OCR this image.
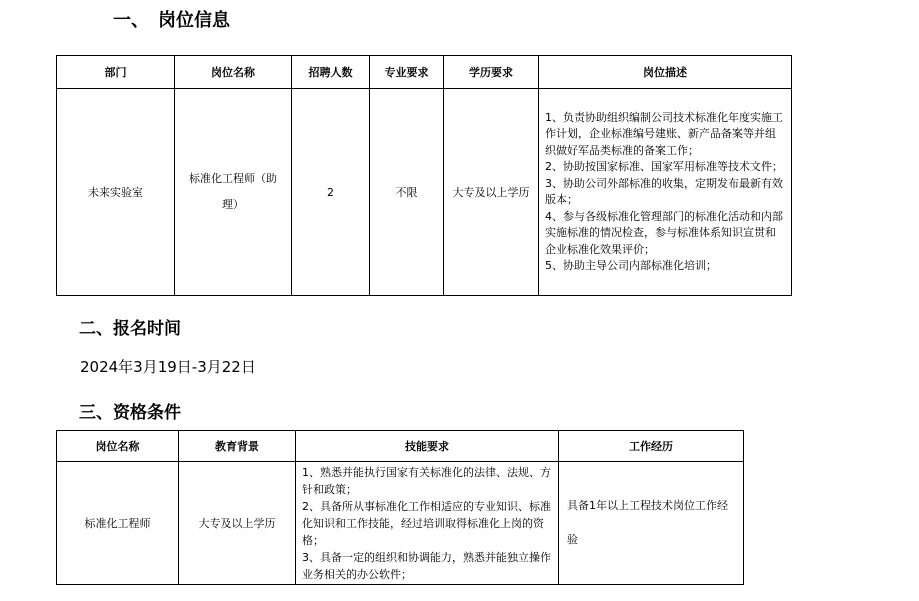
一、　岗位信息
部门	岗位名称	招聘人数	专业要求	学历要求	岗位描述
未来实验室	标准化工程师（助理）	2	不限	大专及以上学历	1、负责协助组织编制公司技术标准化年度实施工作计划，企业标准编号建账、新产品备案等并组织做好军品类标准的备案工作；
2、协助按国家标准、国家军用标准等技术文件；
3、协助公司外部标准的收集，定期发布最新有效版本；
4、参与各级标准化管理部门的标准化活动和内部实施标准的情况检查，参与标准体系知识宣贯和企业标准化效果评价；
5、协助主导公司内部标准化培训；
二、报名时间
2024年3月19日-3月22日
三、资格条件
岗位名称	教育背景	技能要求	工作经历
标准化工程师	大专及以上学历	1、熟悉并能执行国家有关标准化的法律、法规、方针和政策；
2、具备所从事标准化工作相适应的专业知识、标准化知识和工作技能，经过培训取得标准化上岗的资格；
3、具备一定的组织和协调能力，熟悉并能独立操作业务相关的办公软件；	具备1年以上工程技术岗位工作经验
